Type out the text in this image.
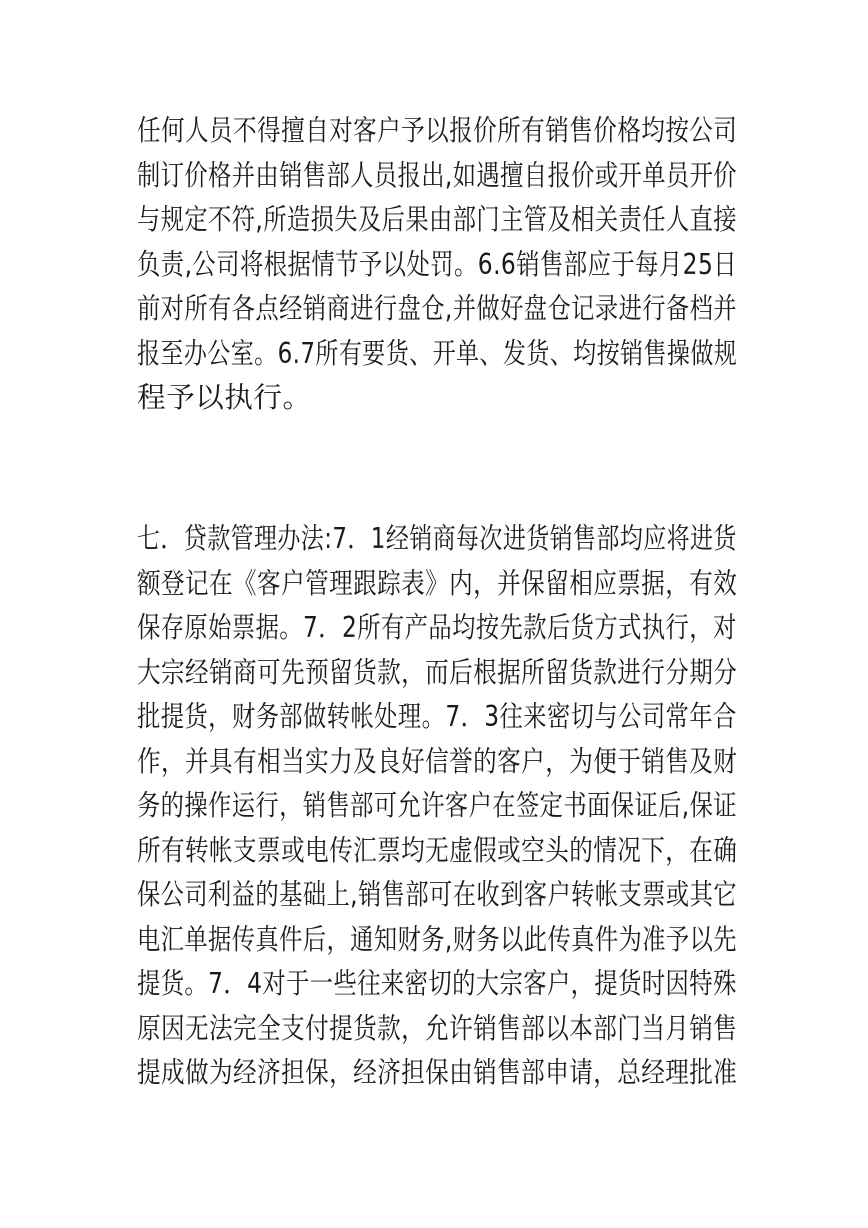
任何人员不得擅自对客户予以报价所有销售价格均按公司
制订价格并由销售部人员报出,如遇擅自报价或开单员开价
与规定不符,所造损失及后果由部门主管及相关责任人直接
负责,公司将根据情节予以处罚。6.6销售部应于每月25日
前对所有各点经销商进行盘仓,并做好盘仓记录进行备档并
报至办公室。6.7所有要货、开单、发货、均按销售操做规
程予以执行。
七．贷款管理办法:7．1经销商每次进货销售部均应将进货
额登记在《客户管理跟踪表》内，并保留相应票据，有效
保存原始票据。7．2所有产品均按先款后货方式执行，对
大宗经销商可先预留货款，而后根据所留货款进行分期分
批提货，财务部做转帐处理。7．3往来密切与公司常年合
作，并具有相当实力及良好信誉的客户，为便于销售及财
务的操作运行，销售部可允许客户在签定书面保证后,保证
所有转帐支票或电传汇票均无虚假或空头的情况下，在确
保公司利益的基础上,销售部可在收到客户转帐支票或其它
电汇单据传真件后，通知财务,财务以此传真件为准予以先
提货。7．4对于一些往来密切的大宗客户，提货时因特殊
原因无法完全支付提货款，允许销售部以本部门当月销售
提成做为经济担保，经济担保由销售部申请，总经理批准
